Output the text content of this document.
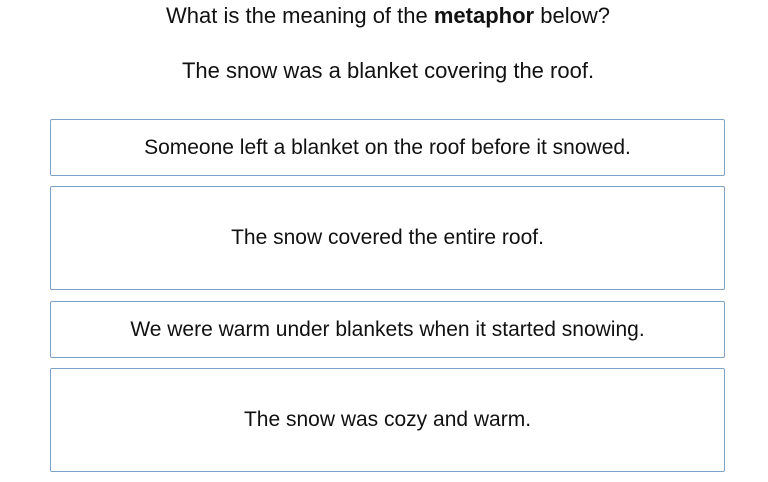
What is the meaning of the metaphor below?
The snow was a blanket covering the roof.
Someone left a blanket on the roof before it snowed.
The snow covered the entire roof.
We were warm under blankets when it started snowing.
The snow was cozy and warm.
